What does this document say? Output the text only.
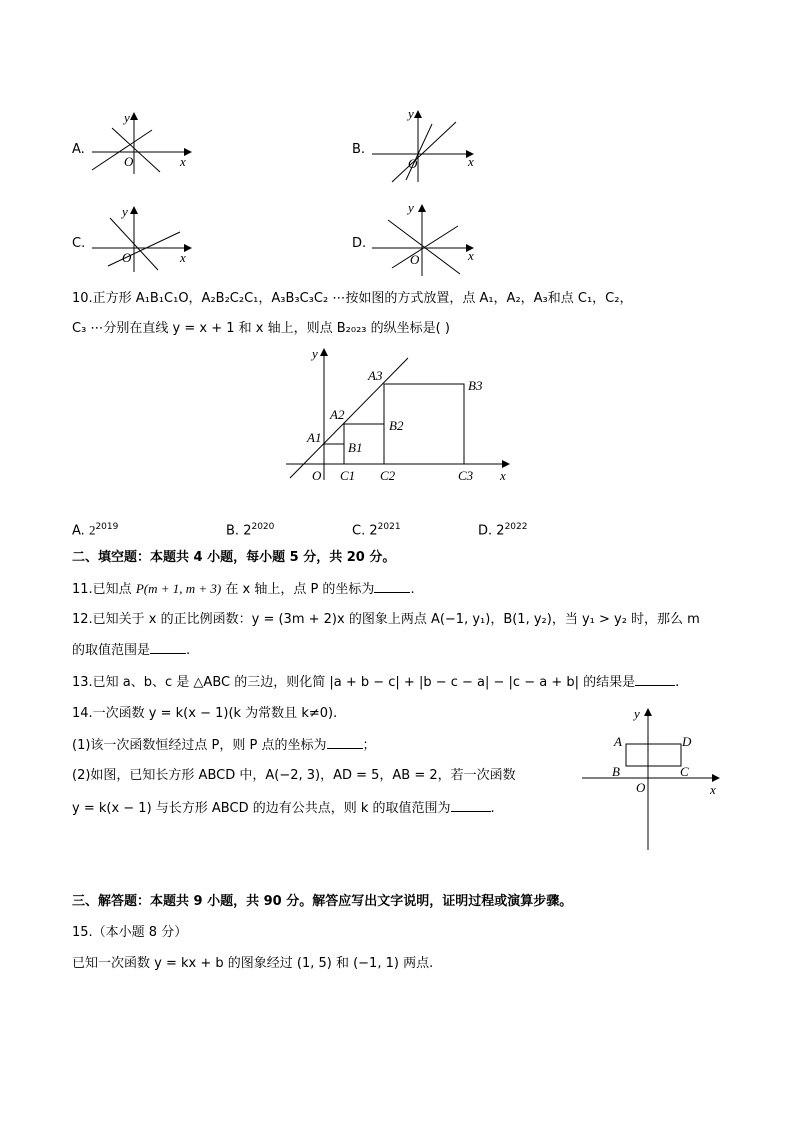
A.
y
x
O
B.
y
x
O
C.
y
x
O
D.
y
x
O
10.正方形 A₁B₁C₁O，A₂B₂C₂C₁，A₃B₃C₃C₂ ⋯按如图的方式放置，点 A₁，A₂，A₃和点 C₁，C₂，
C₃ ⋯分别在直线 y = x + 1 和 x 轴上，则点 B₂₀₂₃ 的纵坐标是( )
y
x
O
A1
A2
A3
B1
B2
B3
C1 C2	C3
A. $2^{2019}$	B. $2^{2020}$	C. $2^{2021}$	D. $2^{2022}$
二、填空题：本题共 4 小题，每小题 5 分，共 20 分。
11.已知点 P(m + 1, m + 3) 在 x 轴上，点 P 的坐标为	.
12.已知关于 x 的正比例函数：y = (3m + 2)x 的图象上两点 A(−1, y₁)，B(1, y₂)，当 y₁ > y₂ 时，那么 m
的取值范围是	.
13.已知 a、b、c 是 △ABC 的三边，则化简 |a + b − c| + |b − c − a| − |c − a + b| 的结果是	.
14.一次函数 y = k(x − 1)(k 为常数且 k≠0).
(1)该一次函数恒经过点 P，则 P 点的坐标为	；
(2)如图，已知长方形 ABCD 中，A(−2, 3)，AD = 5，AB = 2，若一次函数
y = k(x − 1) 与长方形 ABCD 的边有公共点，则 k 的取值范围为	.
y
x
O
A
B	C
D
三、解答题：本题共 9 小题，共 90 分。解答应写出文字说明，证明过程或演算步骤。
15.（本小题 8 分）
已知一次函数 y = kx + b 的图象经过 (1, 5) 和 (−1, 1) 两点.
